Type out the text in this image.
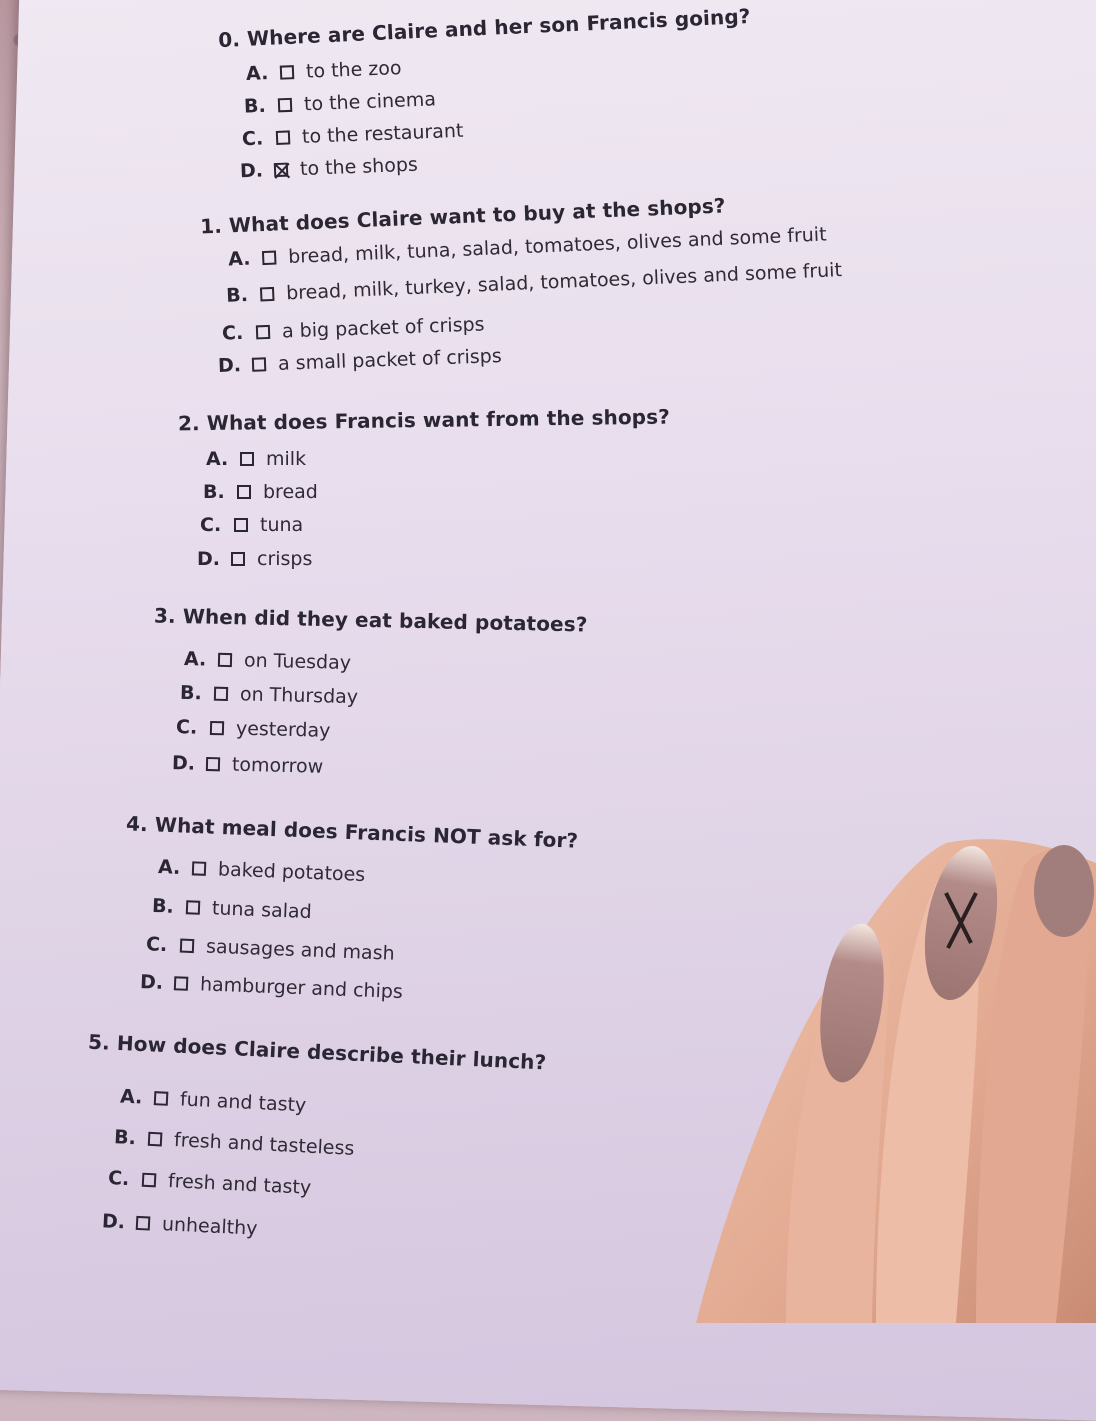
0. Where are Claire and her son Francis going?
A.	to the zoo
B.	to the cinema
C.	to the restaurant
D.	to the shops
1. What does Claire want to buy at the shops?
A.	bread, milk, tuna, salad, tomatoes, olives and some fruit
B.	bread, milk, turkey, salad, tomatoes, olives and some fruit
C.	a big packet of crisps
D.	a small packet of crisps
2. What does Francis want from the shops?
A.	milk
B.	bread
C.	tuna
D.	crisps
3. When did they eat baked potatoes?
A.	on Tuesday
B.	on Thursday
C.	yesterday
D.	tomorrow
4. What meal does Francis NOT ask for?
A.	baked potatoes
B.	tuna salad
C.	sausages and mash
D.	hamburger and chips
5. How does Claire describe their lunch?
A.	fun and tasty
B.	fresh and tasteless
C.	fresh and tasty
D.	unhealthy
